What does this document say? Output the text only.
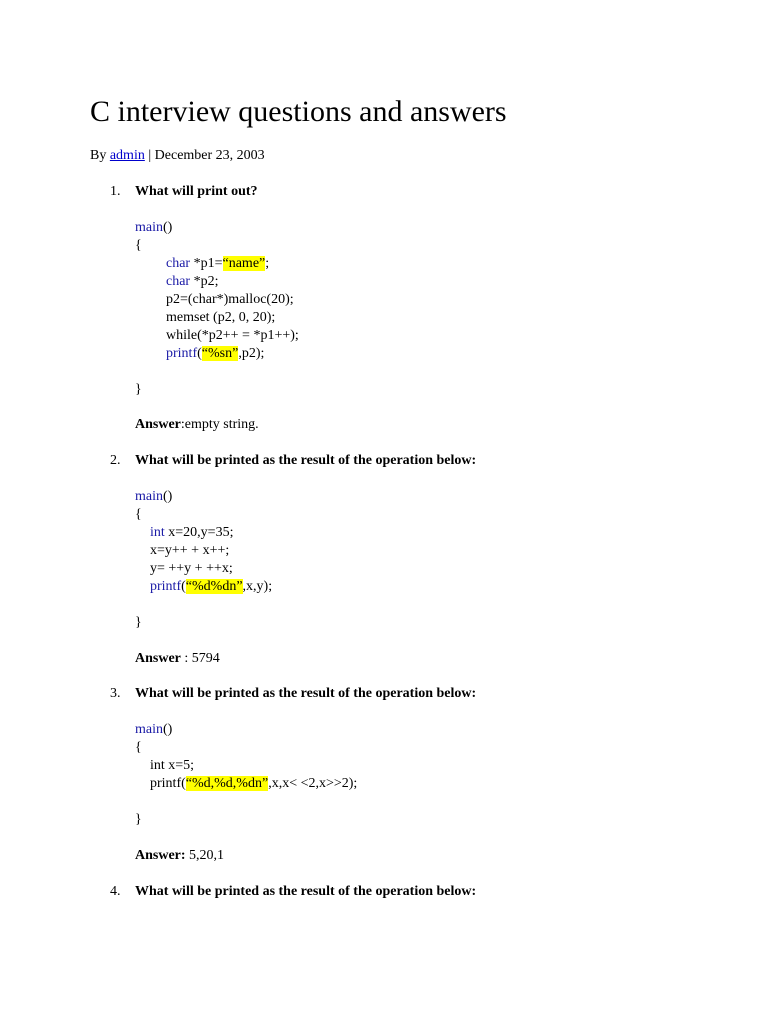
C interview questions and answers
By admin | December 23, 2003
1. What will print out?
main()
{
char *p1=“name”;
char *p2;
p2=(char*)malloc(20);
memset (p2, 0, 20);
while(*p2++ = *p1++);
printf(“%sn”,p2);
}
Answer:empty string.
2. What will be printed as the result of the operation below:
main()
{
int x=20,y=35;
x=y++ + x++;
y= ++y + ++x;
printf(“%d%dn”,x,y);
}
Answer : 5794
3. What will be printed as the result of the operation below:
main()
{
int x=5;
printf(“%d,%d,%dn”,x,x< <2,x>>2);
}
Answer: 5,20,1
4. What will be printed as the result of the operation below:
